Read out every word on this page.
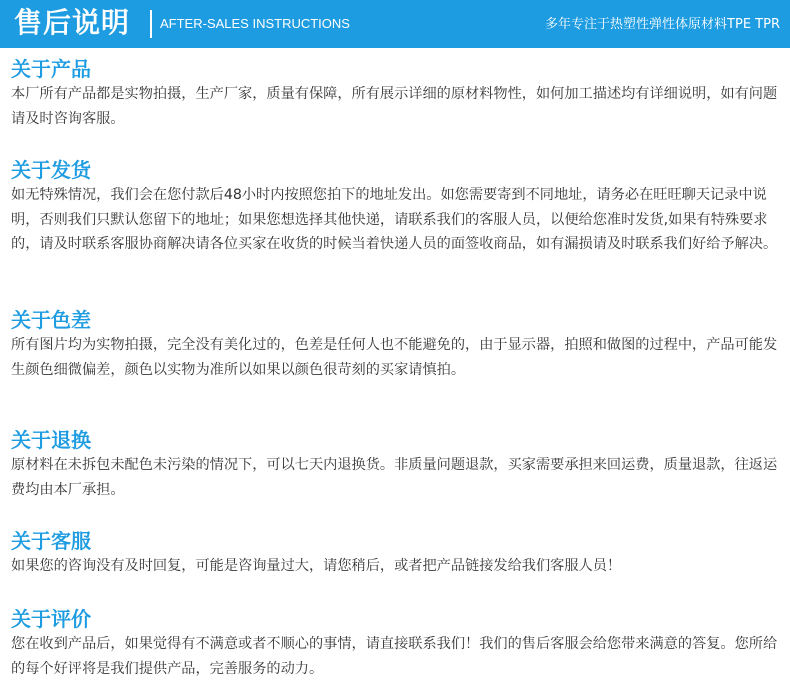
售后说明 AFTER-SALES INSTRUCTIONS	多年专注于热塑性弹性体原材料TPE TPR
关于产品

本厂所有产品都是实物拍摄，生产厂家，质量有保障，所有展示详细的原材料物性，如何加工描述均有详细说明，如有问题请及时咨询客服。

关于发货

如无特殊情况，我们会在您付款后48小时内按照您拍下的地址发出。如您需要寄到不同地址，请务必在旺旺聊天记录中说明，否则我们只默认您留下的地址；如果您想选择其他快递，请联系我们的客服人员，以便给您准时发货,如果有特殊要求的，请及时联系客服协商解决请各位买家在收货的时候当着快递人员的面签收商品，如有漏损请及时联系我们好给予解决。

关于色差

所有图片均为实物拍摄，完全没有美化过的，色差是任何人也不能避免的，由于显示器，拍照和做图的过程中，产品可能发生颜色细微偏差，颜色以实物为准所以如果以颜色很苛刻的买家请慎拍。

关于退换

原材料在未拆包未配色未污染的情况下，可以七天内退换货。非质量问题退款，买家需要承担来回运费，质量退款，往返运费均由本厂承担。

关于客服

如果您的咨询没有及时回复，可能是咨询量过大，请您稍后，或者把产品链接发给我们客服人员！

关于评价

您在收到产品后，如果觉得有不满意或者不顺心的事情，请直接联系我们！我们的售后客服会给您带来满意的答复。您所给的每个好评将是我们提供产品，完善服务的动力。
